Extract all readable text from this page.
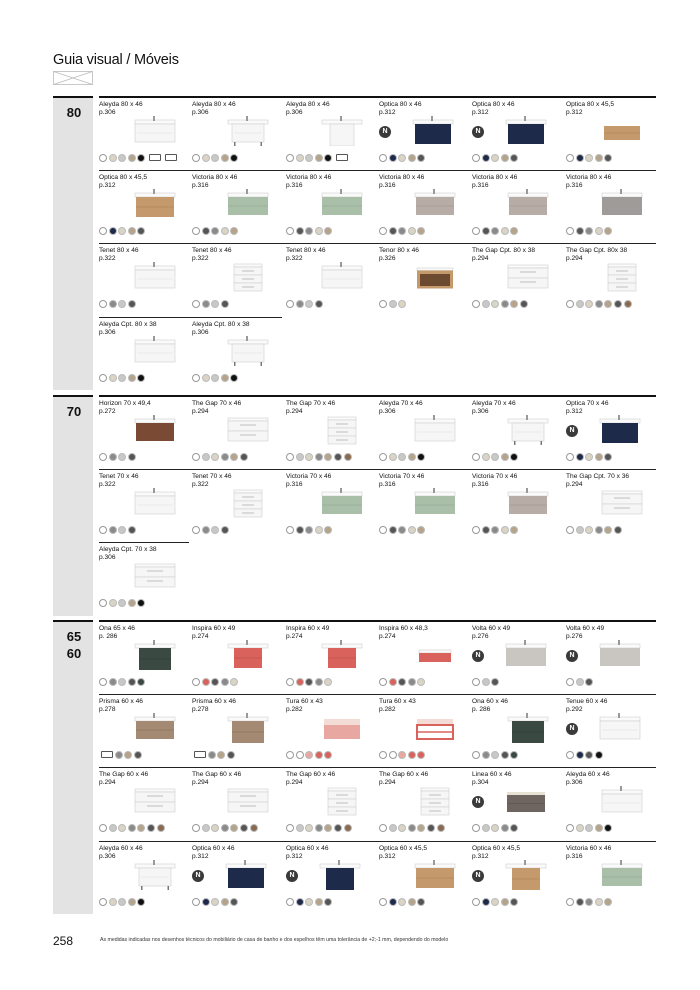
Guia visual / Móveis
80
Aleyda 80 x 46
p.306
Aleyda 80 x 46
p.306
Aleyda 80 x 46
p.306
Optica 80 x 46
p.312
N
Optica 80 x 46
p.312
N
Optica 80 x 45,5
p.312
Optica 80 x 45,5
p.312
Victoria 80 x 46
p.316
Victoria 80 x 46
p.316
Victoria 80 x 46
p.316
Victoria 80 x 46
p.316
Victoria 80 x 46
p.316
Tenet 80 x 46
p.322
Tenet 80 x 46
p.322
Tenet 80 x 46
p.322
Tenor 80 x 46
p.326
The Gap Cpt. 80 x 38
p.294
The Gap Cpt. 80x 38
p.294
Aleyda Cpt. 80 x 38
p.306
Aleyda Cpt. 80 x 38
p.306
70
Horizon 70 x 49,4
p.272
The Gap 70 x 46
p.294
The Gap 70 x 46
p.294
Aleyda 70 x 46
p.306
Aleyda 70 x 46
p.306
Optica 70 x 46
p.312
N
Tenet 70 x 46
p.322
Tenet 70 x 46
p.322
Victoria 70 x 46
p.316
Victoria 70 x 46
p.316
Victoria 70 x 46
p.316
The Gap Cpt. 70 x 36
p.294
Aleyda Cpt. 70 x 38
p.306
65
60
Ona 65 x 46
p. 286
Inspira 60 x 49
p.274
Inspira 60 x 49
p.274
Inspira 60 x 48,3
p.274
Volta 60 x 49
p.276
N
Volta 60 x 49
p.276
N
Prisma 60 x 46
p.278
Prisma 60 x 46
p.278
Tura 60 x 43
p.282
Tura 60 x 43
p.282
Ona 60 x 46
p. 286
Tenue 60 x 46
p.292
N
The Gap 60 x 46
p.294
The Gap 60 x 46
p.294
The Gap 60 x 46
p.294
The Gap 60 x 46
p.294
Linea 60 x 46
p.304
N
Aleyda 60 x 46
p.306
Aleyda 60 x 46
p.306
Optica 60 x 46
p.312
N
Optica 60 x 46
p.312
N
Optica 60 x 45,5
p.312
Optica 60 x 45,5
p.312
N
Victoria 60 x 46
p.316
258	As medidas indicadas nos desenhos técnicos do mobiliário de casa de banho e dos espelhos têm uma tolerância de +2;-1 mm, dependendo do modelo
